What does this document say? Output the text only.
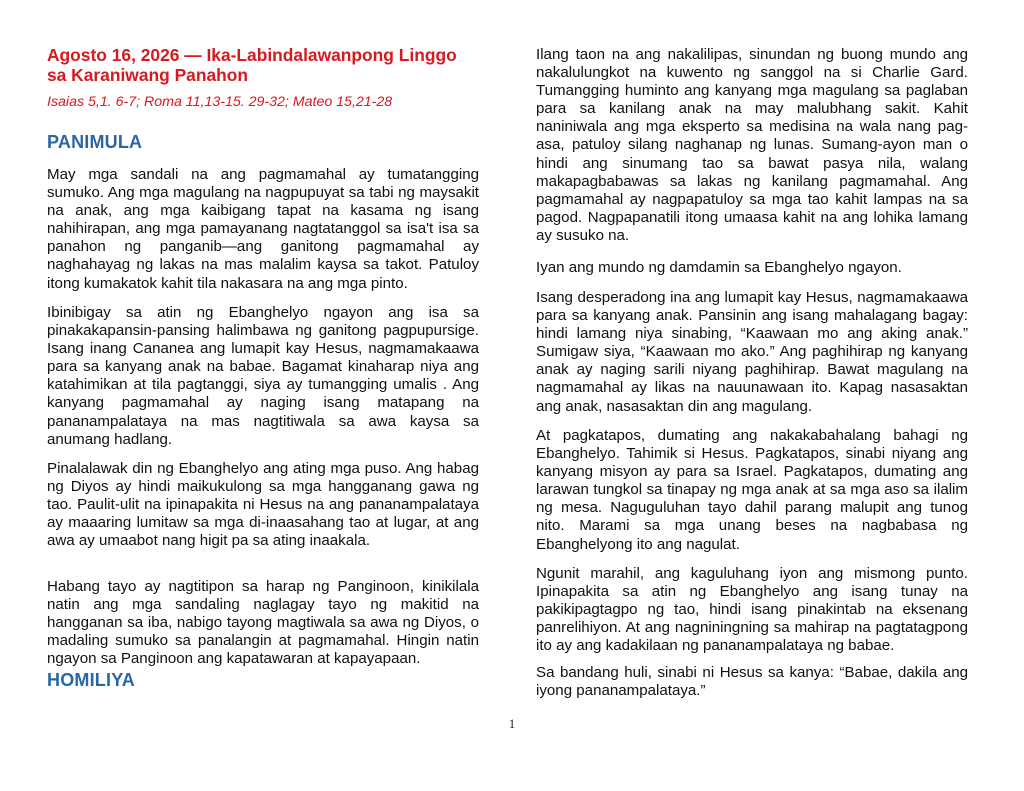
Agosto 16, 2026 — Ika-Labindalawanpong Linggo sa Karaniwang Panahon
Isaias 5,1. 6-7; Roma 11,13-15. 29-32; Mateo 15,21-28
PANIMULA

May mga sandali na ang pagmamahal ay tumatangging sumuko. Ang mga magulang na nagpupuyat sa tabi ng maysakit na anak, ang mga kaibigang tapat na kasama ng isang nahihirapan, ang mga pamayanang nagtatanggol sa isa't isa sa panahon ng panganib—ang ganitong pagmamahal ay naghahayag ng lakas na mas malalim kaysa sa takot. Patuloy itong kumakatok kahit tila nakasara na ang mga pinto.

Ibinibigay sa atin ng Ebanghelyo ngayon ang isa sa pinakakapansin-pansing halimbawa ng ganitong pagpupursige. Isang inang Cananea ang lumapit kay Hesus, nagmamakaawa para sa kanyang anak na babae. Bagamat kinaharap niya ang katahimikan at tila pagtanggi, siya ay tumangging umalis . Ang kanyang pagmamahal ay naging isang matapang na pananampalataya na mas nagtitiwala sa awa kaysa sa anumang hadlang.

Pinalalawak din ng Ebanghelyo ang ating mga puso. Ang habag ng Diyos ay hindi maikukulong sa mga hangganang gawa ng tao. Paulit-ulit na ipinapakita ni Hesus na ang pananampalataya ay maaaring lumitaw sa mga di-inaasahang tao at lugar, at ang awa ay umaabot nang higit pa sa ating inaakala.

Habang tayo ay nagtitipon sa harap ng Panginoon, kinikilala natin ang mga sandaling naglagay tayo ng makitid na hangganan sa iba, nabigo tayong magtiwala sa awa ng Diyos, o madaling sumuko sa panalangin at pagmamahal. Hingin natin ngayon sa Panginoon ang kapatawaran at kapayapaan.

HOMILIYA

Ilang taon na ang nakalilipas, sinundan ng buong mundo ang nakalulungkot na kuwento ng sanggol na si Charlie Gard. Tumangging huminto ang kanyang mga magulang sa paglaban para sa kanilang anak na may malubhang sakit. Kahit naniniwala ang mga eksperto sa medisina na wala nang pag-asa, patuloy silang naghanap ng lunas. Sumang-ayon man o hindi ang sinumang tao sa bawat pasya nila, walang makapagbabawas sa lakas ng kanilang pagmamahal. Ang pagmamahal ay nagpapatuloy sa mga tao kahit lampas na sa pagod. Nagpapanatili itong umaasa kahit na ang lohika lamang ay susuko na.

Iyan ang mundo ng damdamin sa Ebanghelyo ngayon.

Isang desperadong ina ang lumapit kay Hesus, nagmamakaawa para sa kanyang anak. Pansinin ang isang mahalagang bagay: hindi lamang niya sinabing, “Kaawaan mo ang aking anak.” Sumigaw siya, “Kaawaan mo ako.” Ang paghihirap ng kanyang anak ay naging sarili niyang paghihirap. Bawat magulang na nagmamahal ay likas na nauunawaan ito. Kapag nasasaktan ang anak, nasasaktan din ang magulang.

At pagkatapos, dumating ang nakakabahalang bahagi ng Ebanghelyo. Tahimik si Hesus. Pagkatapos, sinabi niyang ang kanyang misyon ay para sa Israel. Pagkatapos, dumating ang larawan tungkol sa tinapay ng mga anak at sa mga aso sa ilalim ng mesa. Naguguluhan tayo dahil parang malupit ang tunog nito. Marami sa mga unang beses na nagbabasa ng Ebanghelyong ito ang nagulat.

Ngunit marahil, ang kaguluhang iyon ang mismong punto. Ipinapakita sa atin ng Ebanghelyo ang isang tunay na pakikipagtagpo ng tao, hindi isang pinakintab na eksenang panrelihiyon. At ang nagniningning sa mahirap na pagtatagpong ito ay ang kadakilaan ng pananampalataya ng babae.

Sa bandang huli, sinabi ni Hesus sa kanya: “Babae, dakila ang iyong pananampalataya.”

1
